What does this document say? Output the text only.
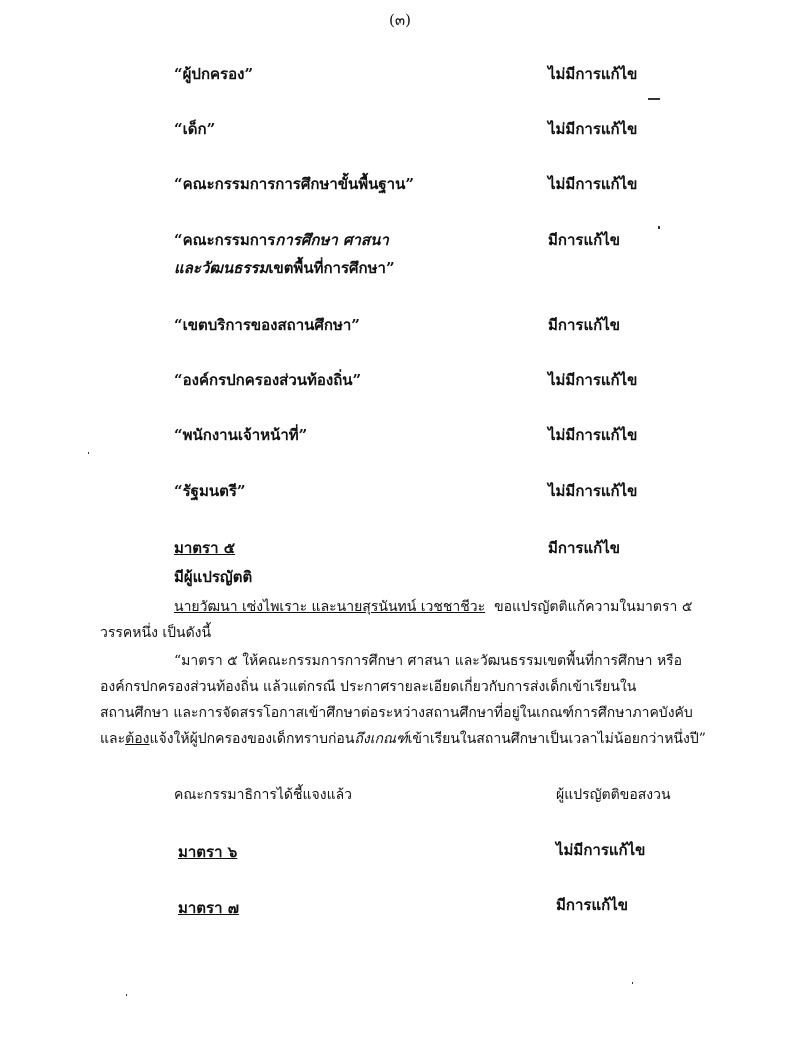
(๓)
“ผู้ปกครอง”	ไม่มีการแก้ไข
“เด็ก”	ไม่มีการแก้ไข
“คณะกรรมการการศึกษาขั้นพื้นฐาน”	ไม่มีการแก้ไข
“คณะกรรมการการศึกษา ศาสนา
และวัฒนธรรมเขตพื้นที่การศึกษา”
มีการแก้ไข
“เขตบริการของสถานศึกษา”	มีการแก้ไข
“องค์กรปกครองส่วนท้องถิ่น”	ไม่มีการแก้ไข
“พนักงานเจ้าหน้าที่”	ไม่มีการแก้ไข
“รัฐมนตรี”	ไม่มีการแก้ไข
มาตรา ๕	มีการแก้ไข
มีผู้แปรญัตติ
นายวัฒนา เซ่งไพเราะ และนายสุรนันทน์ เวชชาชีวะ ขอแปรญัตติแก้ความในมาตรา ๕
วรรคหนึ่ง เป็นดังนี้
“มาตรา ๕ ให้คณะกรรมการการศึกษา ศาสนา และวัฒนธรรมเขตพื้นที่การศึกษา หรือ
องค์กรปกครองส่วนท้องถิ่น แล้วแต่กรณี ประกาศรายละเอียดเกี่ยวกับการส่งเด็กเข้าเรียนใน
สถานศึกษา และการจัดสรรโอกาสเข้าศึกษาต่อระหว่างสถานศึกษาที่อยู่ในเกณฑ์การศึกษาภาคบังคับ
และต้องแจ้งให้ผู้ปกครองของเด็กทราบก่อนถึงเกณฑ์เข้าเรียนในสถานศึกษาเป็นเวลาไม่น้อยกว่าหนึ่งปี”
คณะกรรมาธิการได้ชี้แจงแล้ว	ผู้แปรญัตติขอสงวน
มาตรา ๖	ไม่มีการแก้ไข
มาตรา ๗	มีการแก้ไข
